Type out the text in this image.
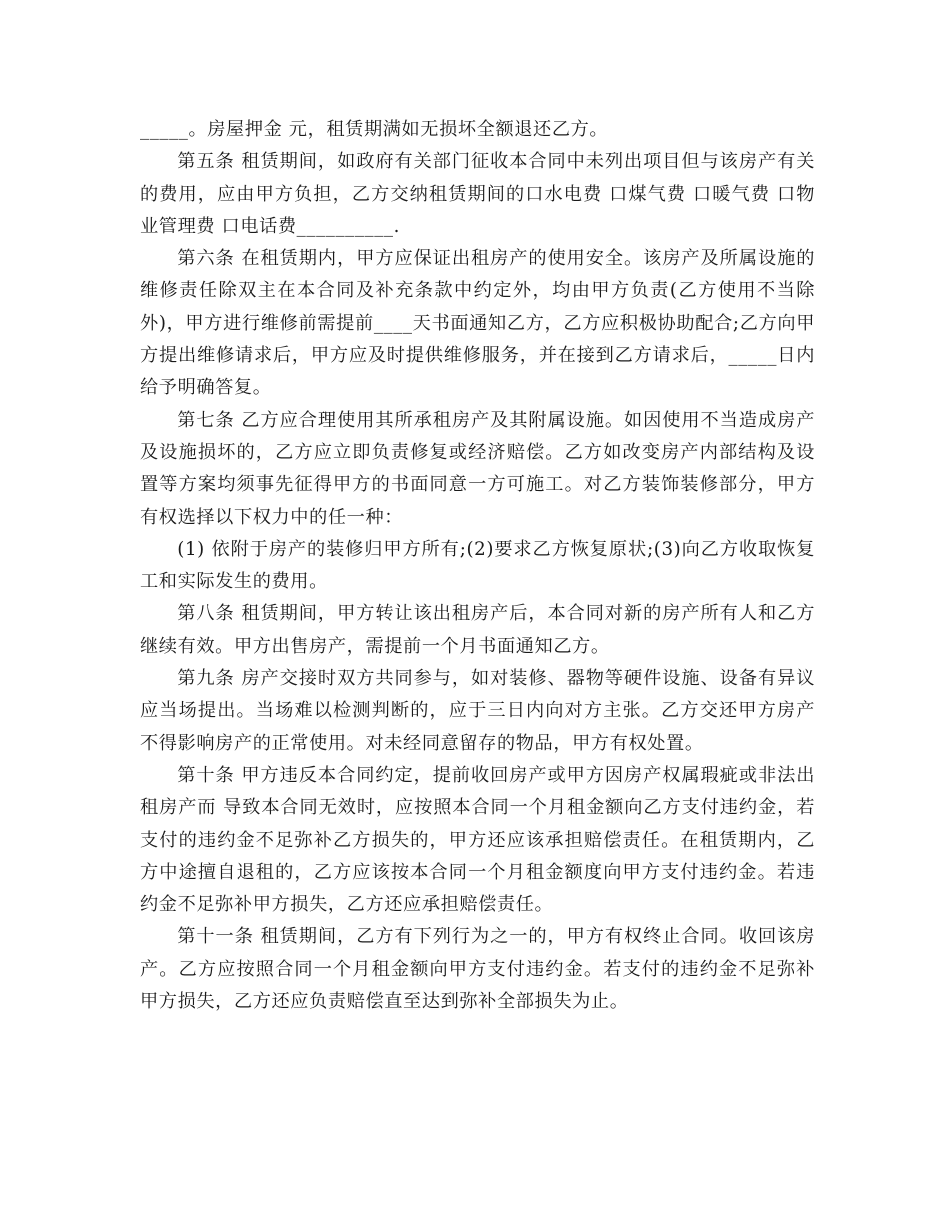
_____。房屋押金 元，租赁期满如无损坏全额退还乙方。

第五条 租赁期间，如政府有关部门征收本合同中未列出项目但与该房产有关的费用，应由甲方负担，乙方交纳租赁期间的口水电费 口煤气费 口暖气费 口物业管理费 口电话费__________.

第六条 在租赁期内，甲方应保证出租房产的使用安全。该房产及所属设施的维修责任除双主在本合同及补充条款中约定外，均由甲方负责(乙方使用不当除外)，甲方进行维修前需提前____天书面通知乙方，乙方应积极协助配合;乙方向甲方提出维修请求后，甲方应及时提供维修服务，并在接到乙方请求后，_____日内给予明确答复。

第七条 乙方应合理使用其所承租房产及其附属设施。如因使用不当造成房产及设施损坏的，乙方应立即负责修复或经济赔偿。乙方如改变房产内部结构及设置等方案均须事先征得甲方的书面同意一方可施工。对乙方装饰装修部分，甲方有权选择以下权力中的任一种：

(1) 依附于房产的装修归甲方所有;(2)要求乙方恢复原状;(3)向乙方收取恢复工和实际发生的费用。

第八条 租赁期间，甲方转让该出租房产后，本合同对新的房产所有人和乙方继续有效。甲方出售房产，需提前一个月书面通知乙方。

第九条 房产交接时双方共同参与，如对装修、器物等硬件设施、设备有异议应当场提出。当场难以检测判断的，应于三日内向对方主张。乙方交还甲方房产不得影响房产的正常使用。对未经同意留存的物品，甲方有权处置。

第十条 甲方违反本合同约定，提前收回房产或甲方因房产权属瑕疵或非法出租房产而 导致本合同无效时，应按照本合同一个月租金额向乙方支付违约金，若支付的违约金不足弥补乙方损失的，甲方还应该承担赔偿责任。在租赁期内，乙方中途擅自退租的，乙方应该按本合同一个月租金额度向甲方支付违约金。若违约金不足弥补甲方损失，乙方还应承担赔偿责任。

第十一条 租赁期间，乙方有下列行为之一的，甲方有权终止合同。收回该房产。乙方应按照合同一个月租金额向甲方支付违约金。若支付的违约金不足弥补甲方损失，乙方还应负责赔偿直至达到弥补全部损失为止。
